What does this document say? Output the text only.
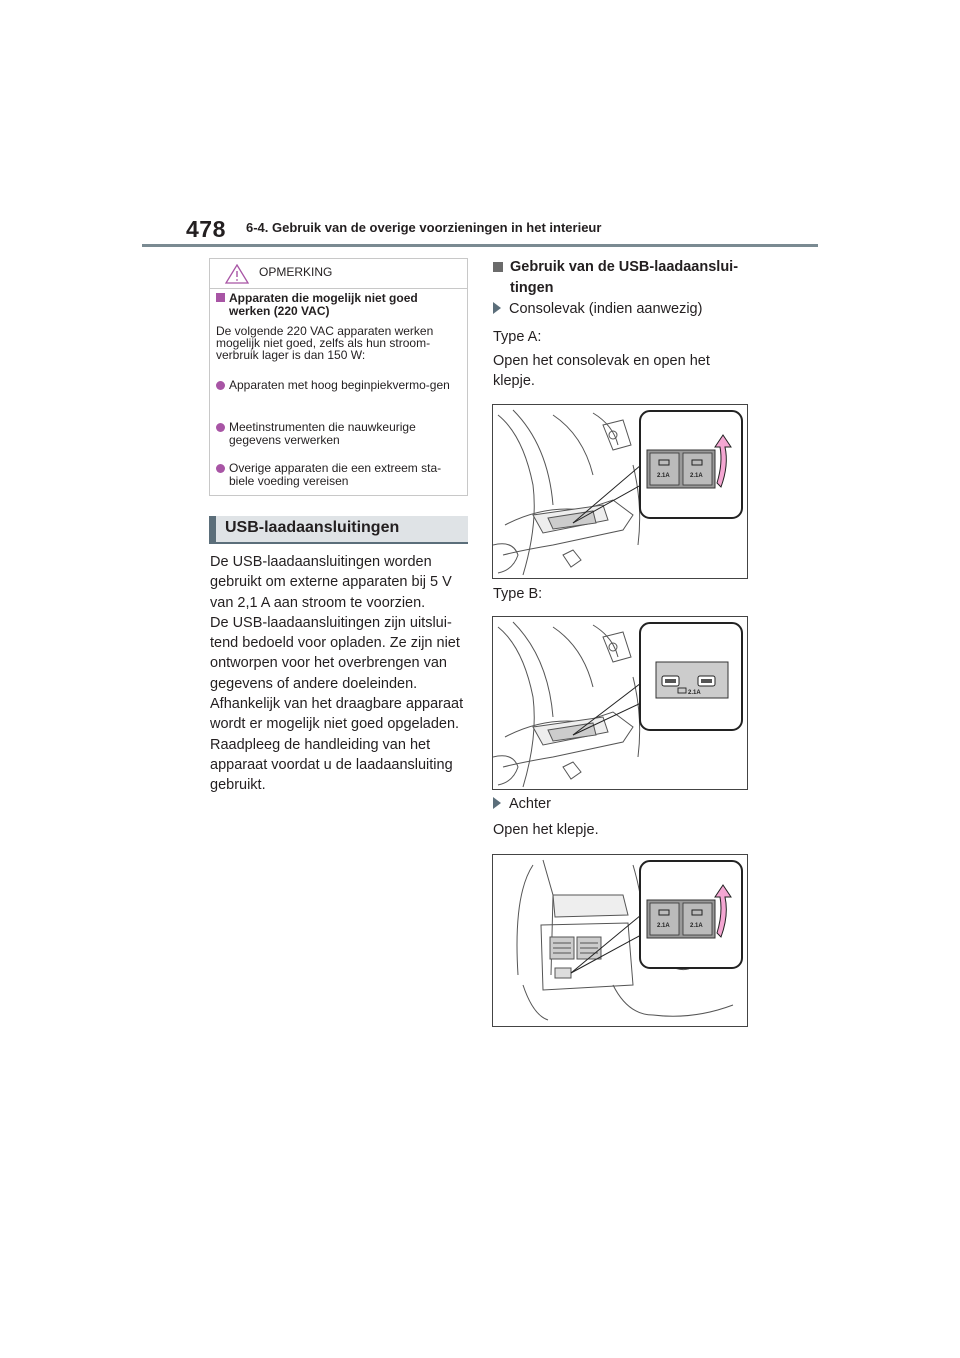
478 6-4. Gebruik van de overige voorzieningen in het interieur
OPMERKING
Apparaten die mogelijk niet goed werken (220 VAC)
De volgende 220 VAC apparaten werken mogelijk niet goed, zelfs als hun stroom-verbruik lager is dan 150 W:
Apparaten met hoog beginpiekvermo-gen
Meetinstrumenten die nauwkeurige gegevens verwerken
Overige apparaten die een extreem sta-biele voeding vereisen
USB-laadaansluitingen

De USB-laadaansluitingen worden gebruikt om externe apparaten bij 5 V van 2,1 A aan stroom te voorzien.

De USB-laadaansluitingen zijn uitslui-tend bedoeld voor opladen. Ze zijn niet ontworpen voor het overbrengen van gegevens of andere doeleinden.

Afhankelijk van het draagbare apparaat wordt er mogelijk niet goed opgeladen. Raadpleeg de handleiding van het apparaat voordat u de laadaansluiting gebruikt.

Gebruik van de USB-laadaanslui-tingen
Consolevak (indien aanwezig)
Type A:
Open het consolevak en open het klepje.
2.1A	2.1A
Type B:
2.1A
Achter
Open het klepje.
2.1A	2.1A
